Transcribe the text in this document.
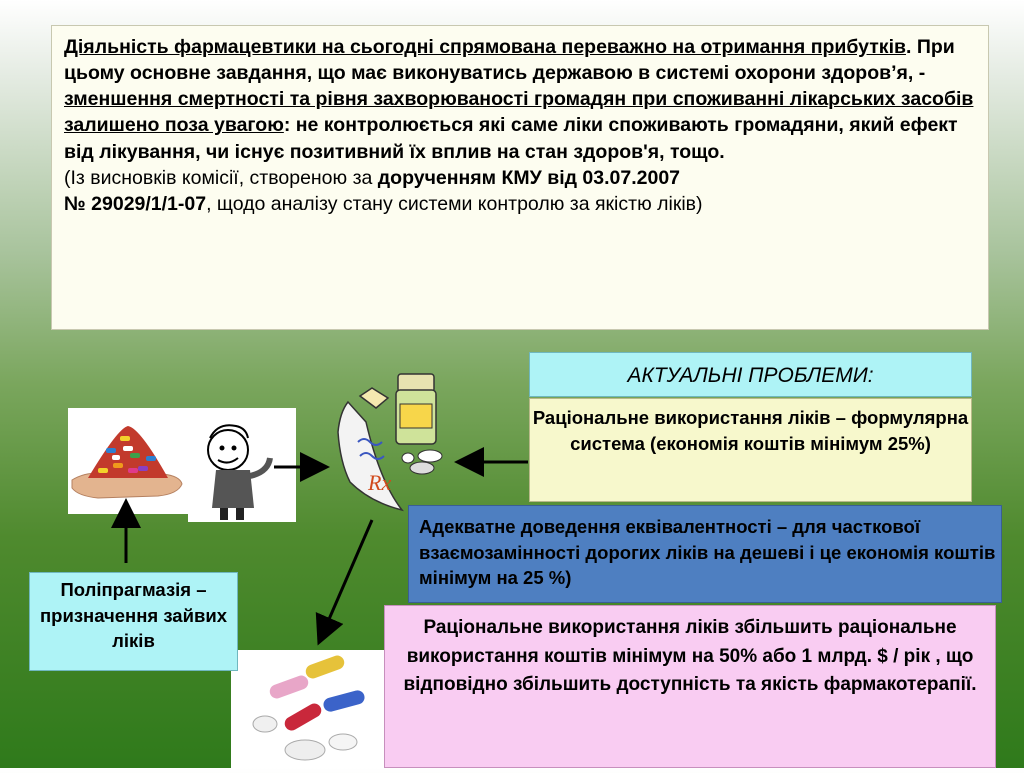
Діяльність фармацевтики на сьогодні спрямована переважно на отримання прибутків. При цьому основне завдання, що має виконуватись державою в системі охорони здоров’я, - зменшення смертності та рівня захворюваності громадян при споживанні лікарських засобів залишено поза увагою: не контролюється які саме ліки споживають громадяни, який ефект від лікування, чи існує позитивний їх вплив на стан здоров'я, тощо.

(Із висновків комісії, створеною за дорученням КМУ від 03.07.2007
№ 29029/1/1-07, щодо аналізу стану системи контролю за якістю ліків)

Rx
АКТУАЛЬНІ ПРОБЛЕМИ:
Раціональне використання ліків – формулярна система (економія коштів мінімум 25%)
Адекватне доведення еквівалентності – для часткової взаємозамінності дорогих ліків на дешеві і це економія коштів мінімум на 25 %)
Раціональне використання ліків збільшить раціональне використання коштів мінімум на 50% або 1 млрд. $ / рік , що відповідно збільшить доступність та якість фармакотерапії.
Поліпрагмазія – призначення зайвих ліків
